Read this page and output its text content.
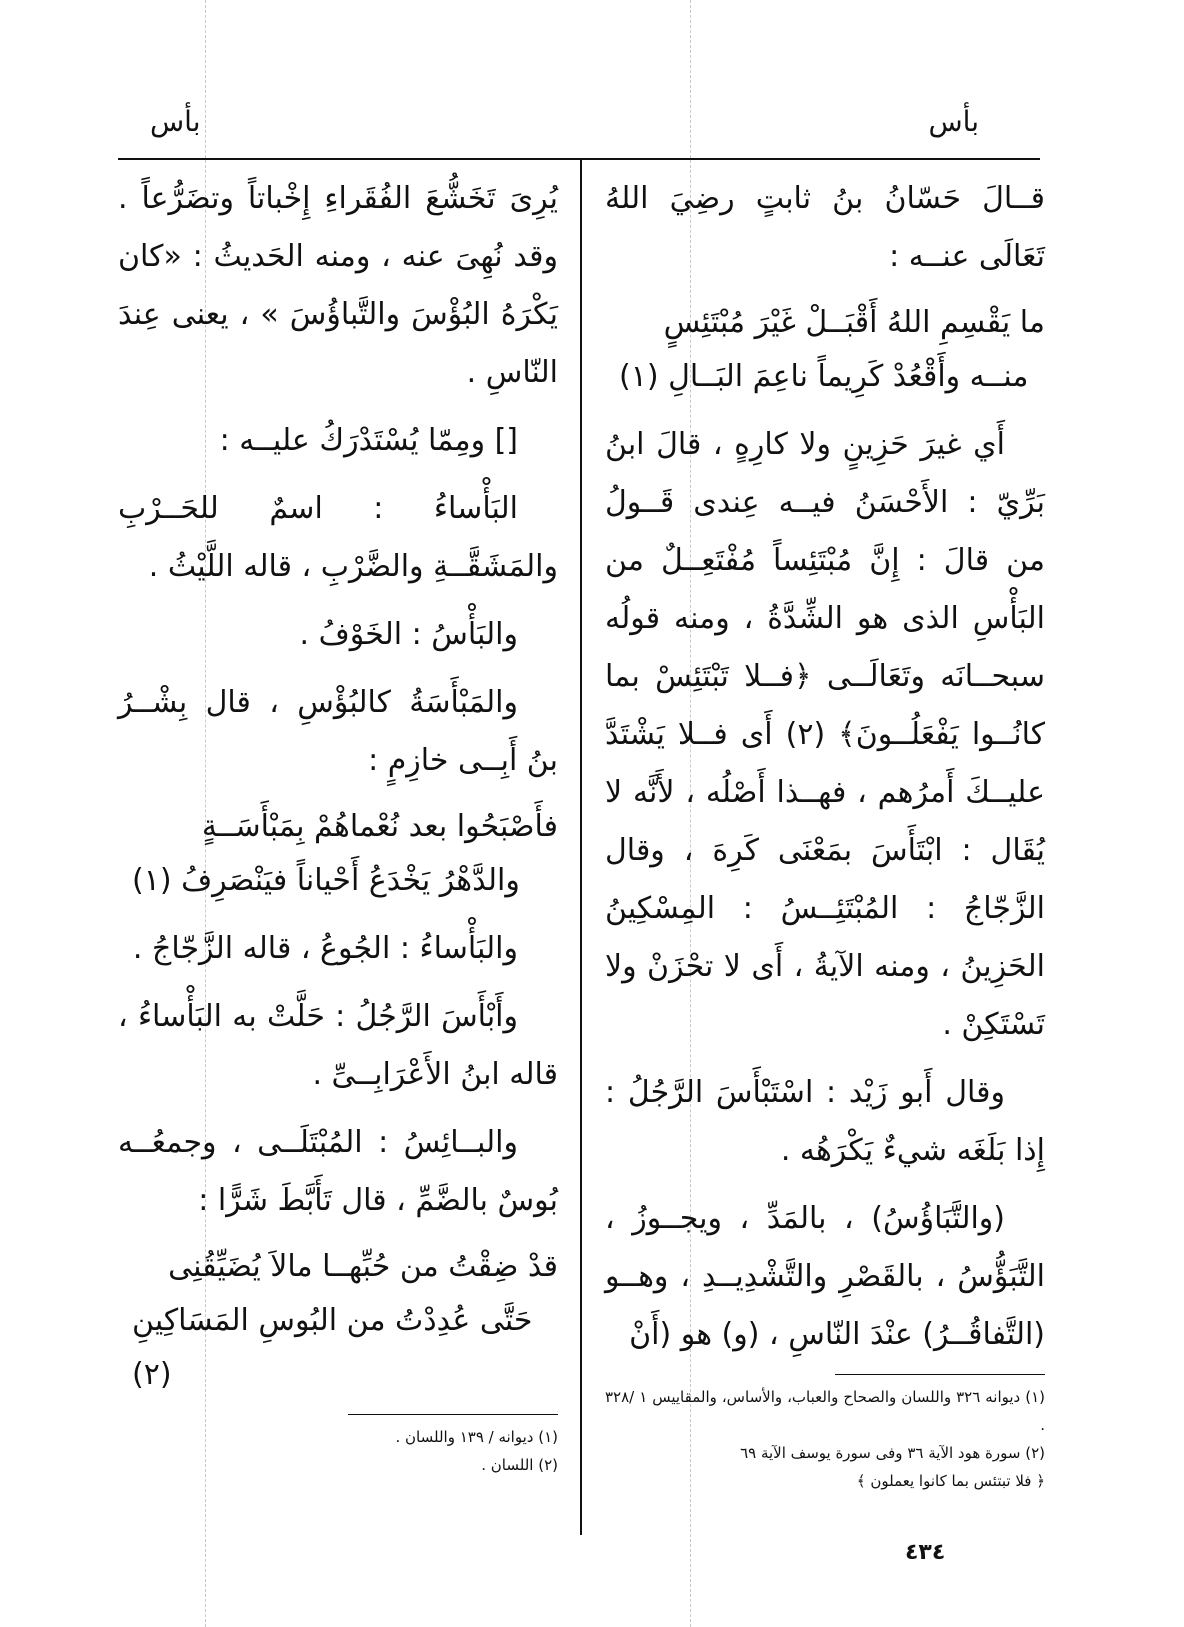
بأس
بأس

قــالَ حَسّانُ بنُ ثابتٍ رضِيَ اللهُ تَعَالَى عنــه :

ما يَقْسِمِ اللهُ أَقْبَــلْ غَيْرَ مُبْتَئِسٍ
منــه وأَقْعُدْ كَرِيماً ناعِمَ البَــالِ (١)

أَي غيرَ حَزِينٍ ولا كارِهٍ ، قالَ ابنُ بَرِّيّ : الأَحْسَنُ فيــه عِندى قَــولُ من قالَ : إِنَّ مُبْتَئِساً مُفْتَعِــلٌ من البَأْسِ الذى هو الشِّدَّةُ ، ومنه قولُه سبحــانَه وتَعَالَــى ﴿فــلا تَبْتَئِسْ بما كانُــوا يَفْعَلُــونَ﴾ (٢) أَى فــلا يَشْتَدَّ عليــكَ أَمرُهم ، فهــذا أَصْلُه ، لأَنَّه لا يُقَال : ابْتَأَسَ بمَعْنَى كَرِهَ ، وقال الزَّجّاجُ : المُبْتَئِــسُ : المِسْكِينُ الحَزِينُ ، ومنه الآيةُ ، أَى لا تحْزَنْ ولا تَسْتَكِنْ .

وقال أَبو زَيْد : اسْتَبْأَسَ الرَّجُلُ : إِذا بَلَغَه شيءٌ يَكْرَهُه .

(والتَّبَاؤُسُ) ، بالمَدِّ ، ويجــوزُ ، التَّبَؤُّسُ ، بالقَصْرِ والتَّشْدِيــدِ ، وهــو (التَّفاقُــرُ) عنْدَ النّاسِ ، (و) هو (أَنْ

(١) ديوانه ٣٢٦ واللسان والصحاح والعباب، والأساس، والمقاييس ١ /٣٢٨ .
(٢) سورة هود الآية ٣٦ وفى سورة يوسف الآية ٦٩
﴿ فلا تبتئس بما كانوا يعملون ﴾

يُرِىَ تَخَشُّعَ الفُقَراءِ إِخْباتاً وتضَرُّعاً . وقد نُهِىَ عنه ، ومنه الحَديثُ : «كان يَكْرَهُ البُؤْسَ والتَّباؤُسَ » ، يعنى عِندَ النّاسِ .

[] ومِمّا يُسْتَدْرَكُ عليــه :

البَأْساءُ : اسمٌ للحَــرْبِ والمَشَقَّــةِ والضَّرْبِ ، قاله اللَّيْثُ .

والبَأْسُ : الخَوْفُ .

والمَبْأَسَةُ كالبُؤْسِ ، قال بِشْــرُ بنُ أَبِــى خازِمٍ :

فأَصْبَحُوا بعد نُعْماهُمْ بِمَبْأَسَــةٍ
والدَّهْرُ يَخْدَعُ أَحْياناً فيَنْصَرِفُ (١)

والبَأْساءُ : الجُوعُ ، قاله الزَّجّاجُ .

وأَبْأَسَ الرَّجُلُ : حَلَّتْ به البَأْساءُ ، قاله ابنُ الأَعْرَابِــىِّ .

والبــائِسُ : المُبْتَلَــى ، وجمعُــه بُوسٌ بالضَّمِّ ، قال تَأَبَّطَ شَرًّا :

قدْ ضِقْتُ من حُبِّهــا مالاَ يُضَيِّقُنِى
حَتَّى عُدِدْتُ من البُوسِ المَسَاكِينِ (٢)
(١) ديوانه / ١٣٩ واللسان .
(٢) اللسان .
٤٣٤
